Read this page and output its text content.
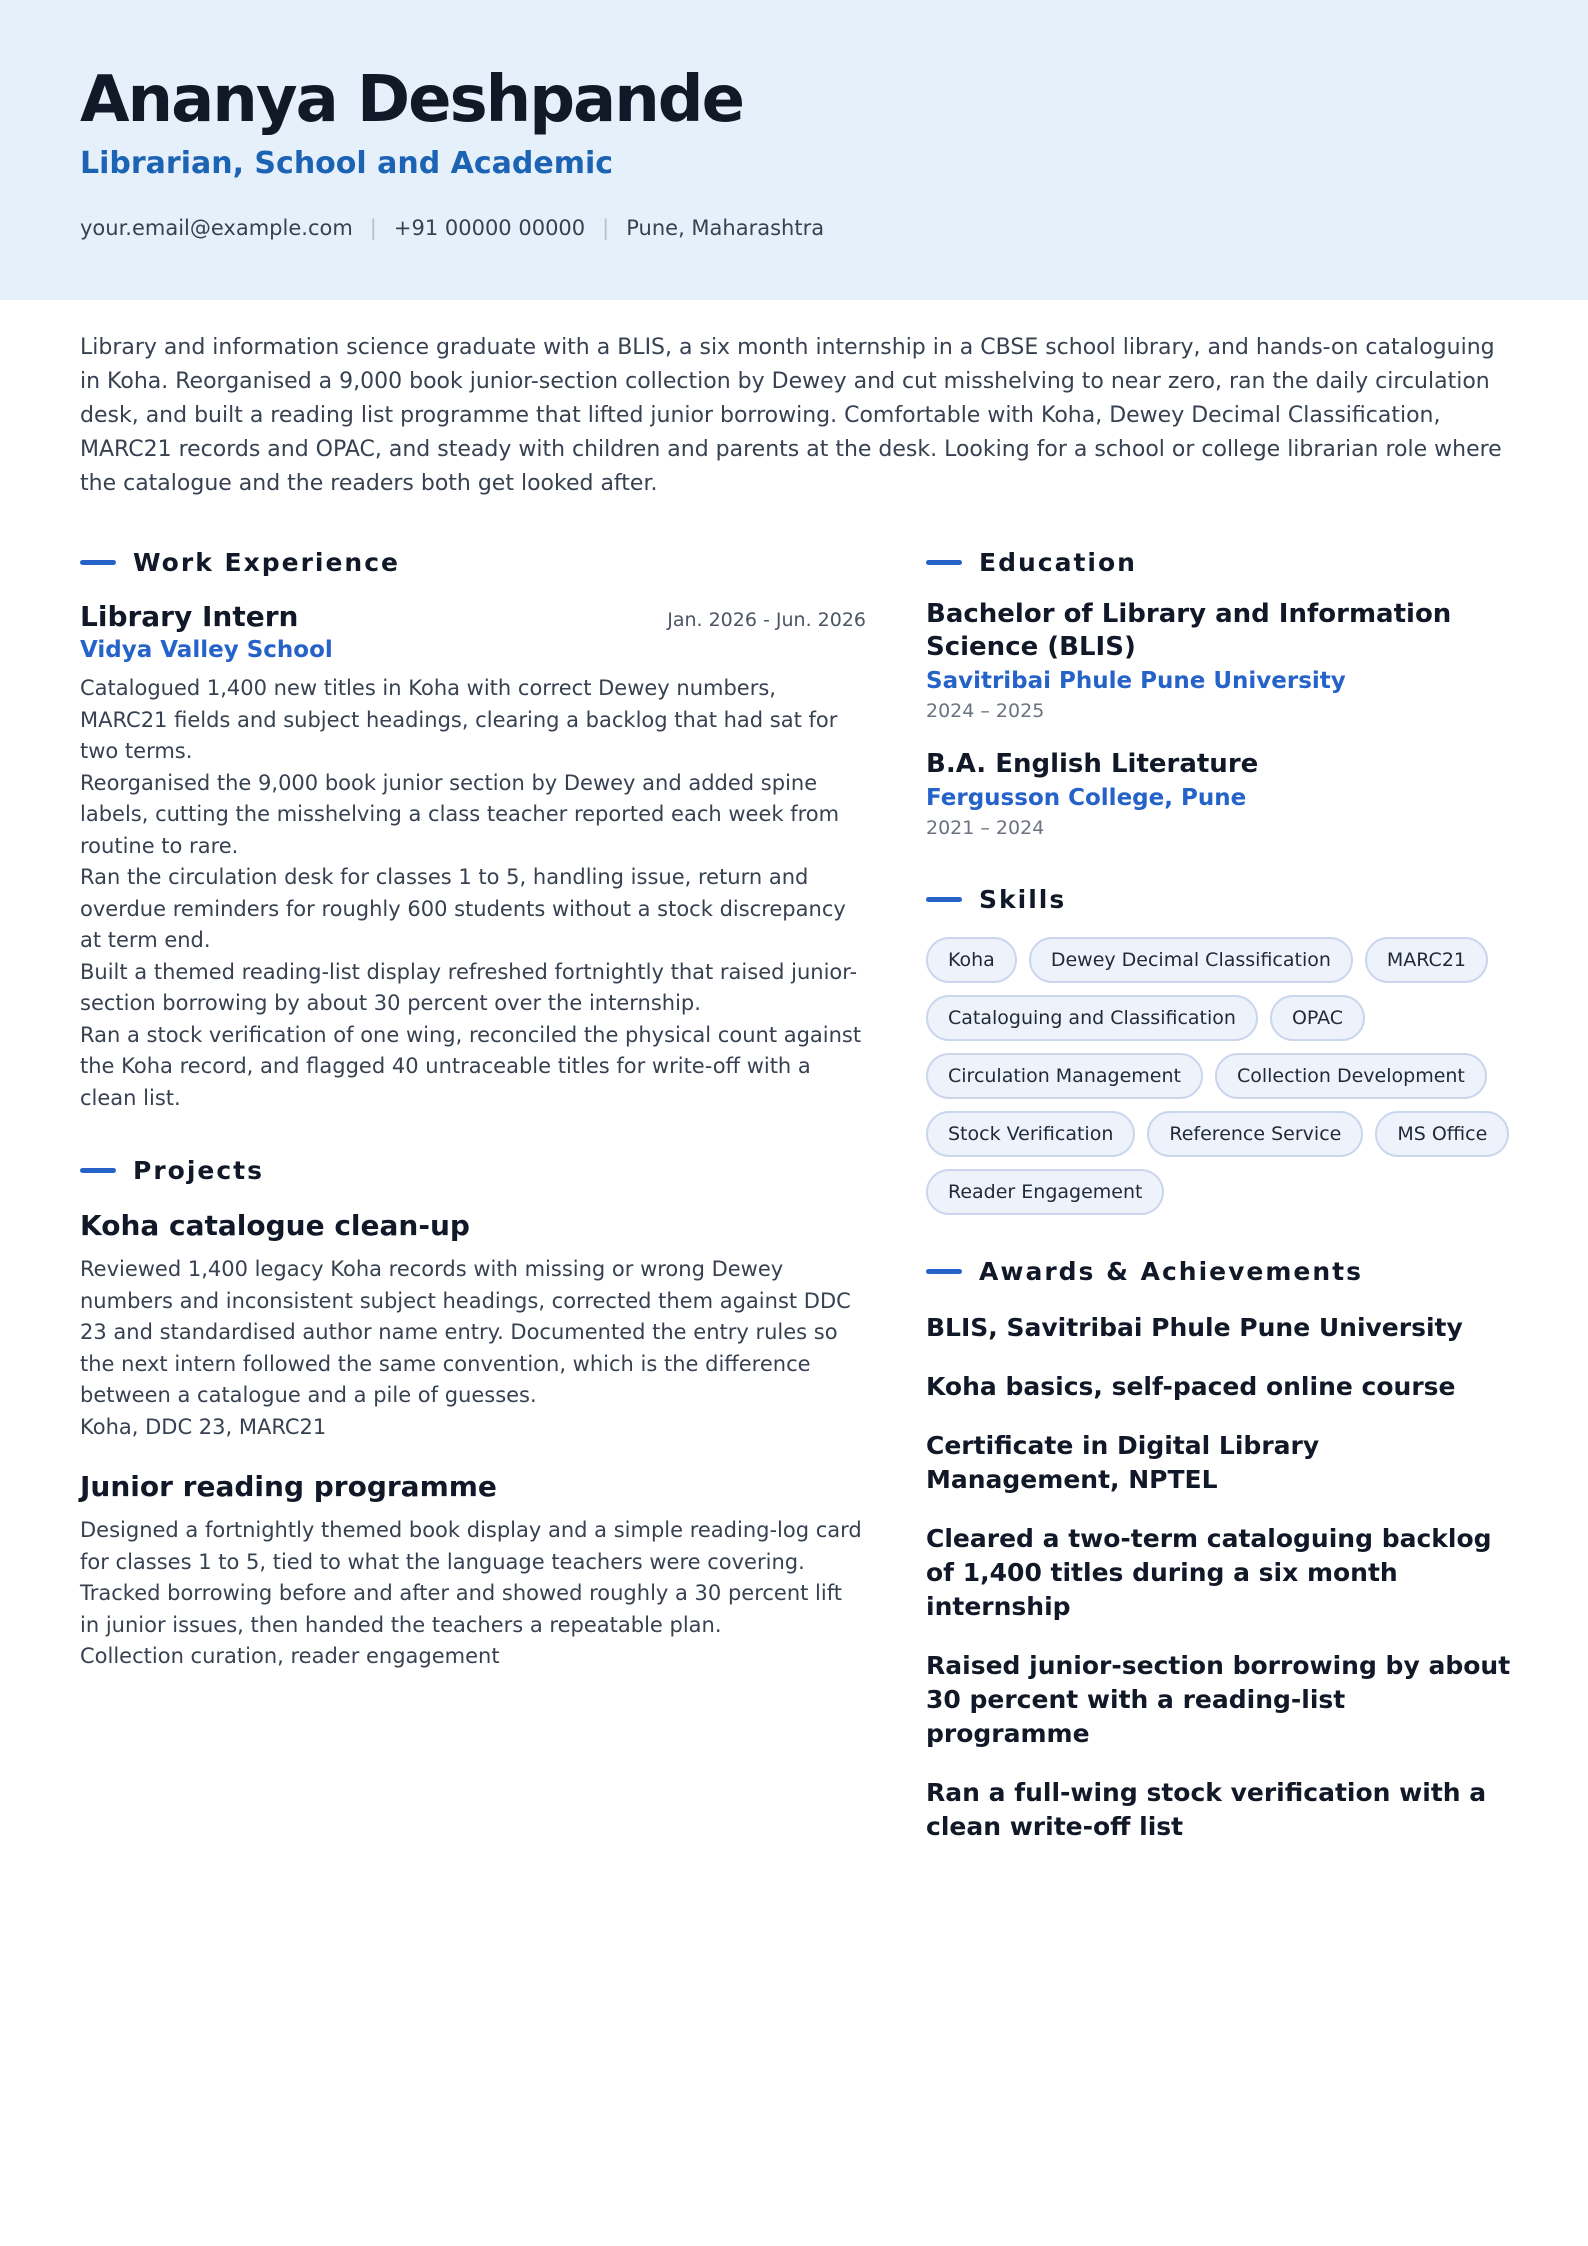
Ananya Deshpande
Librarian, School and Academic
your.email@example.com | +91 00000 00000 | Pune, Maharashtra
Library and information science graduate with a BLIS, a six month internship in a CBSE school library, and hands-on cataloguing in Koha. Reorganised a 9,000 book junior-section collection by Dewey and cut misshelving to near zero, ran the daily circulation desk, and built a reading list programme that lifted junior borrowing. Comfortable with Koha, Dewey Decimal Classification, MARC21 records and OPAC, and steady with children and parents at the desk. Looking for a school or college librarian role where the catalogue and the readers both get looked after.
Work Experience
Library Intern	Jan. 2026 - Jun. 2026
Vidya Valley School
Catalogued 1,400 new titles in Koha with correct Dewey numbers, MARC21 fields and subject headings, clearing a backlog that had sat for two terms.
Reorganised the 9,000 book junior section by Dewey and added spine labels, cutting the misshelving a class teacher reported each week from routine to rare.
Ran the circulation desk for classes 1 to 5, handling issue, return and overdue reminders for roughly 600 students without a stock discrepancy at term end.
Built a themed reading-list display refreshed fortnightly that raised junior-section borrowing by about 30 percent over the internship.
Ran a stock verification of one wing, reconciled the physical count against the Koha record, and flagged 40 untraceable titles for write-off with a clean list.
Projects
Koha catalogue clean-up
Reviewed 1,400 legacy Koha records with missing or wrong Dewey numbers and inconsistent subject headings, corrected them against DDC 23 and standardised author name entry. Documented the entry rules so the next intern followed the same convention, which is the difference between a catalogue and a pile of guesses.
Koha, DDC 23, MARC21
Junior reading programme
Designed a fortnightly themed book display and a simple reading-log card for classes 1 to 5, tied to what the language teachers were covering. Tracked borrowing before and after and showed roughly a 30 percent lift in junior issues, then handed the teachers a repeatable plan.
Collection curation, reader engagement
Education
Bachelor of Library and Information Science (BLIS)
Savitribai Phule Pune University
2024 – 2025
B.A. English Literature
Fergusson College, Pune
2021 – 2024
Skills
Koha	Dewey Decimal Classification	MARC21
Cataloguing and Classification	OPAC
Circulation Management	Collection Development
Stock Verification	Reference Service	MS Office
Reader Engagement
Awards & Achievements
BLIS, Savitribai Phule Pune University
Koha basics, self-paced online course
Certificate in Digital Library Management, NPTEL
Cleared a two-term cataloguing backlog of 1,400 titles during a six month internship
Raised junior-section borrowing by about 30 percent with a reading-list programme
Ran a full-wing stock verification with a clean write-off list
